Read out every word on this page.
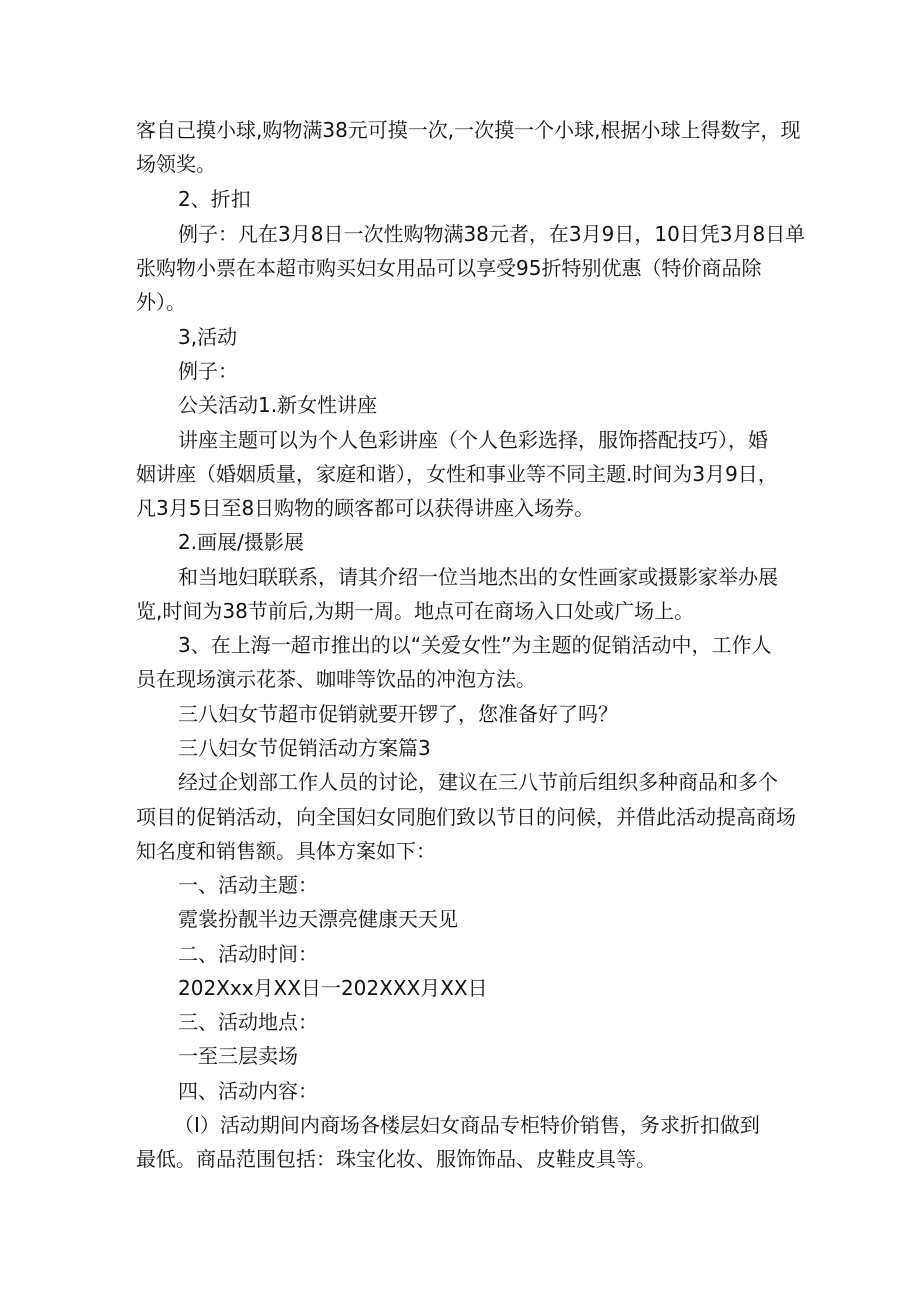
客自己摸小球,购物满38元可摸一次,一次摸一个小球,根据小球上得数字，现
场领奖。
2、折扣
例子：凡在3月8日一次性购物满38元者，在3月9日，10日凭3月8日单
张购物小票在本超市购买妇女用品可以享受95折特别优惠（特价商品除
外）。
3,活动
例子：
公关活动1.新女性讲座
讲座主题可以为个人色彩讲座（个人色彩选择，服饰搭配技巧），婚
姻讲座（婚姻质量，家庭和谐），女性和事业等不同主题.时间为3月9日，
凡3月5日至8日购物的顾客都可以获得讲座入场券。
2.画展/摄影展
和当地妇联联系，请其介绍一位当地杰出的女性画家或摄影家举办展
览,时间为38节前后,为期一周。地点可在商场入口处或广场上。
3、在上海一超市推出的以“关爱女性”为主题的促销活动中，工作人
员在现场演示花茶、咖啡等饮品的冲泡方法。
三八妇女节超市促销就要开锣了，您准备好了吗？
三八妇女节促销活动方案篇3
经过企划部工作人员的讨论，建议在三八节前后组织多种商品和多个
项目的促销活动，向全国妇女同胞们致以节日的问候，并借此活动提高商场
知名度和销售额。具体方案如下：
一、活动主题：
霓裳扮靓半边天漂亮健康天天见
二、活动时间：
202Xxx月XX日一202XXX月XX日
三、活动地点：
一至三层卖场
四、活动内容：
（I）活动期间内商场各楼层妇女商品专柜特价销售，务求折扣做到
最低。商品范围包括：珠宝化妆、服饰饰品、皮鞋皮具等。
